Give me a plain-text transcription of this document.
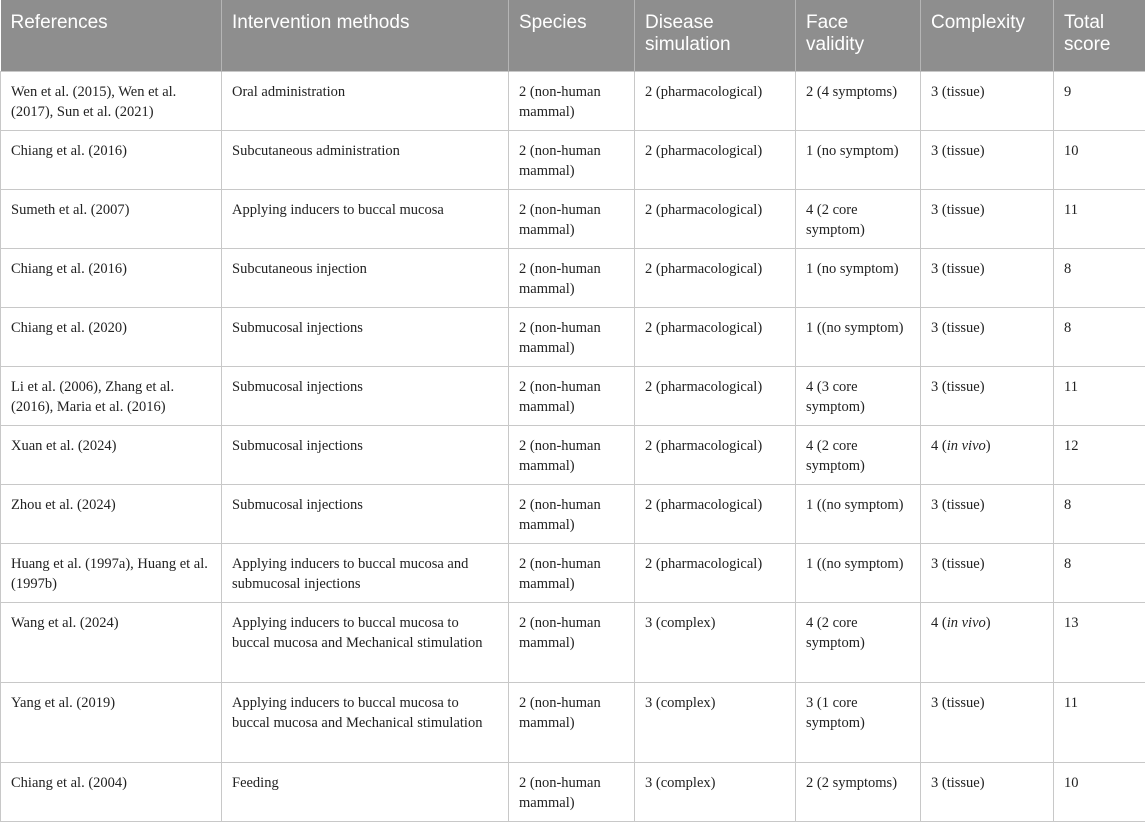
References	Intervention methods	Species	Disease simulation	Face validity	Complexity	Total score
Wen et al. (2015), Wen et al. (2017), Sun et al. (2021)	Oral administration	2 (non-human mammal)	2 (pharmacological)	2 (4 symptoms)	3 (tissue)	9
Chiang et al. (2016)	Subcutaneous administration	2 (non-human mammal)	2 (pharmacological)	1 (no symptom)	3 (tissue)	10
Sumeth et al. (2007)	Applying inducers to buccal mucosa	2 (non-human mammal)	2 (pharmacological)	4 (2 core symptom)	3 (tissue)	11
Chiang et al. (2016)	Subcutaneous injection	2 (non-human mammal)	2 (pharmacological)	1 (no symptom)	3 (tissue)	8
Chiang et al. (2020)	Submucosal injections	2 (non-human mammal)	2 (pharmacological)	1 ((no symptom)	3 (tissue)	8
Li et al. (2006), Zhang et al. (2016), Maria et al. (2016)	Submucosal injections	2 (non-human mammal)	2 (pharmacological)	4 (3 core symptom)	3 (tissue)	11
Xuan et al. (2024)	Submucosal injections	2 (non-human mammal)	2 (pharmacological)	4 (2 core symptom)	4 (in vivo)	12
Zhou et al. (2024)	Submucosal injections	2 (non-human mammal)	2 (pharmacological)	1 ((no symptom)	3 (tissue)	8
Huang et al. (1997a), Huang et al. (1997b)	Applying inducers to buccal mucosa and submucosal injections	2 (non-human mammal)	2 (pharmacological)	1 ((no symptom)	3 (tissue)	8
Wang et al. (2024)	Applying inducers to buccal mucosa to buccal mucosa and Mechanical stimulation	2 (non-human mammal)	3 (complex)	4 (2 core symptom)	4 (in vivo)	13
Yang et al. (2019)	Applying inducers to buccal mucosa to buccal mucosa and Mechanical stimulation	2 (non-human mammal)	3 (complex)	3 (1 core symptom)	3 (tissue)	11
Chiang et al. (2004)	Feeding	2 (non-human mammal)	3 (complex)	2 (2 symptoms)	3 (tissue)	10
